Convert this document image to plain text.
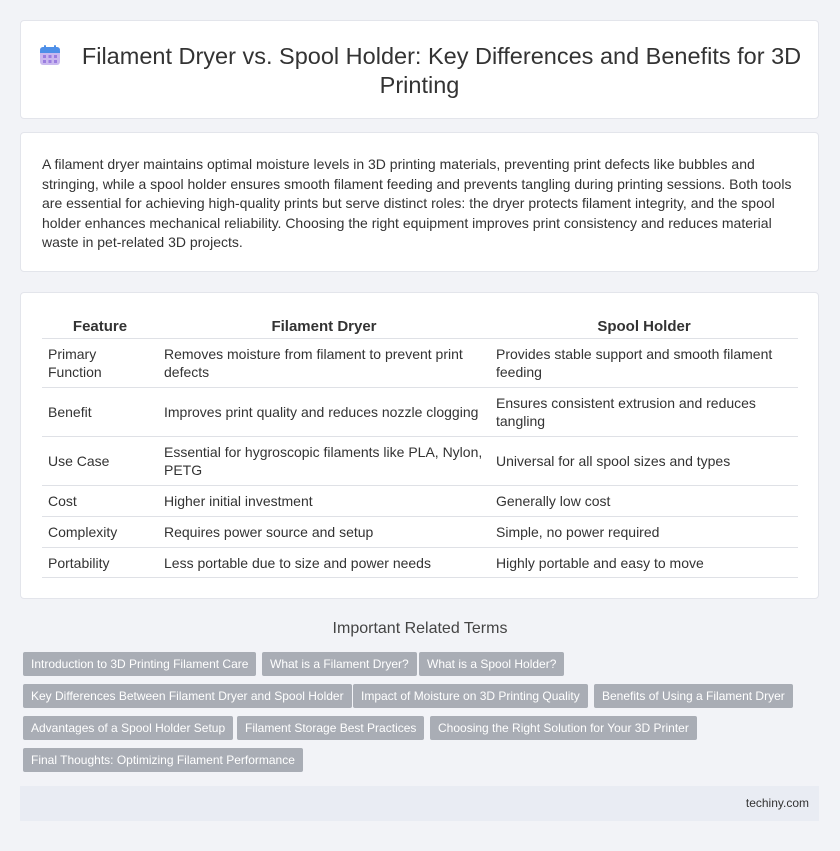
Filament Dryer vs. Spool Holder: Key Differences and Benefits for 3D Printing

A filament dryer maintains optimal moisture levels in 3D printing materials, preventing print defects like bubbles and stringing, while a spool holder ensures smooth filament feeding and prevents tangling during printing sessions. Both tools are essential for achieving high-quality prints but serve distinct roles: the dryer protects filament integrity, and the spool holder enhances mechanical reliability. Choosing the right equipment improves print consistency and reduces material waste in pet-related 3D projects.

Feature	Filament Dryer	Spool Holder
Primary Function	Removes moisture from filament to prevent print defects	Provides stable support and smooth filament feeding
Benefit	Improves print quality and reduces nozzle clogging	Ensures consistent extrusion and reduces tangling
Use Case	Essential for hygroscopic filaments like PLA, Nylon, PETG	Universal for all spool sizes and types
Cost	Higher initial investment	Generally low cost
Complexity	Requires power source and setup	Simple, no power required
Portability	Less portable due to size and power needs	Highly portable and easy to move
Important Related Terms
Introduction to 3D Printing Filament Care	What is a Filament Dryer?	What is a Spool Holder?
Key Differences Between Filament Dryer and Spool Holder	Impact of Moisture on 3D Printing Quality	Benefits of Using a Filament Dryer
Advantages of a Spool Holder Setup	Filament Storage Best Practices	Choosing the Right Solution for Your 3D Printer
Final Thoughts: Optimizing Filament Performance
techiny.com
